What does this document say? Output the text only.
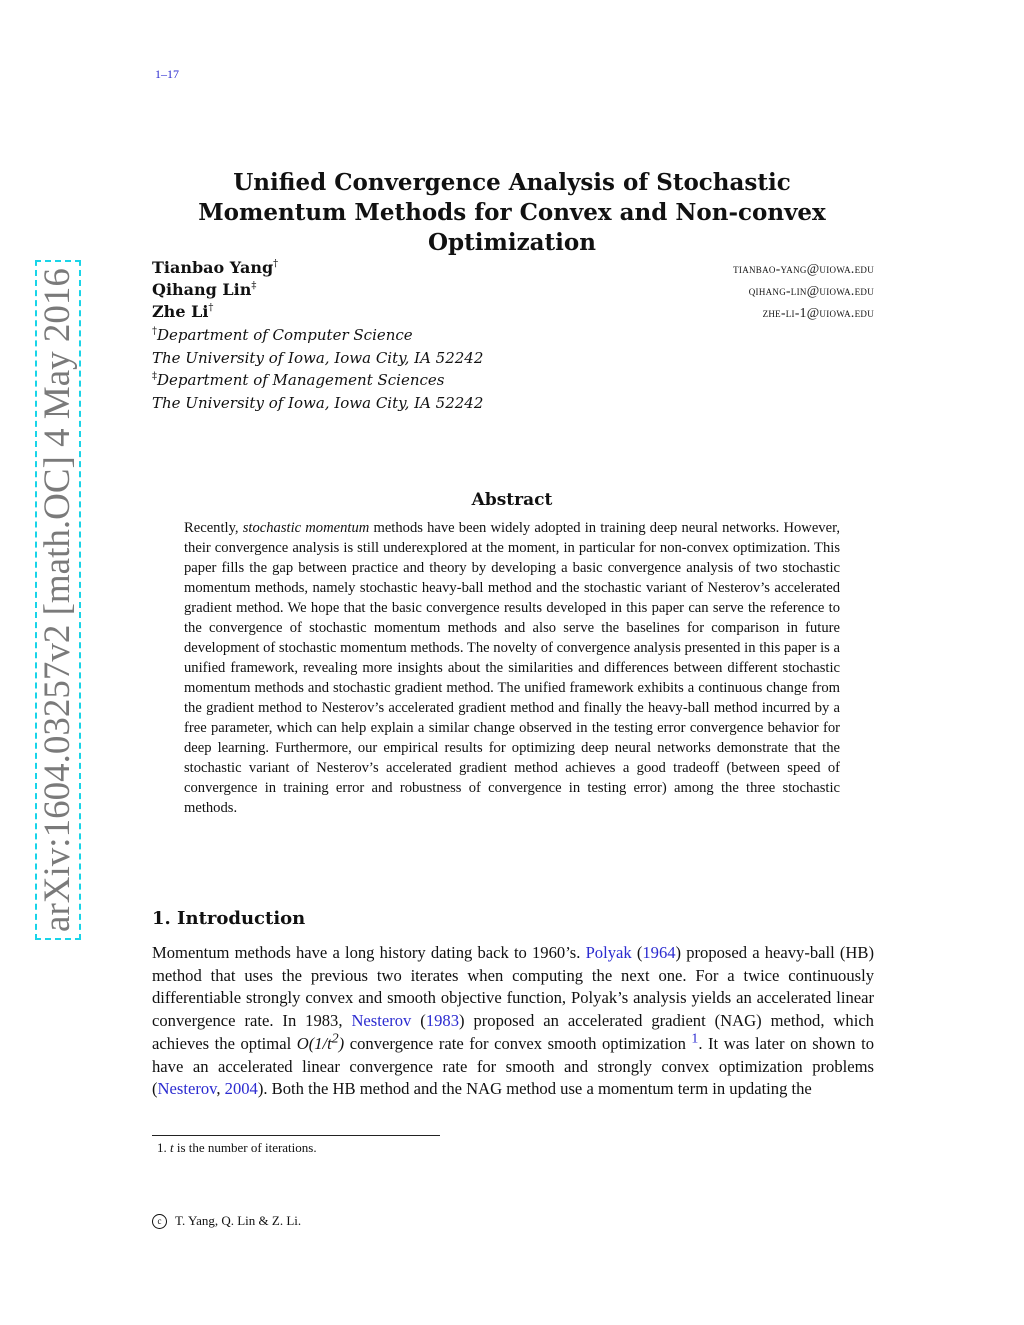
1–17
arXiv:1604.03257v2 [math.OC] 4 May 2016
Unified Convergence Analysis of Stochastic Momentum Methods for Convex and Non-convex Optimization
Tianbao Yang†	tianbao-yang@uiowa.edu
Qihang Lin‡	qihang-lin@uiowa.edu
Zhe Li†	zhe-li-1@uiowa.edu
†Department of Computer Science
The University of Iowa, Iowa City, IA 52242
‡Department of Management Sciences
The University of Iowa, Iowa City, IA 52242
Abstract
Recently, stochastic momentum methods have been widely adopted in training deep neural networks. However, their convergence analysis is still underexplored at the moment, in particular for non-convex optimization. This paper fills the gap between practice and theory by developing a basic convergence analysis of two stochastic momentum methods, namely stochastic heavy-ball method and the stochastic variant of Nesterov’s accelerated gradient method. We hope that the basic convergence results developed in this paper can serve the reference to the convergence of stochastic momentum methods and also serve the baselines for comparison in future development of stochastic momentum methods. The novelty of convergence analysis presented in this paper is a unified framework, revealing more insights about the similarities and differences between different stochastic momentum methods and stochastic gradient method. The unified framework exhibits a continuous change from the gradient method to Nesterov’s accelerated gradient method and finally the heavy-ball method incurred by a free parameter, which can help explain a similar change observed in the testing error convergence behavior for deep learning. Furthermore, our empirical results for optimizing deep neural networks demonstrate that the stochastic variant of Nesterov’s accelerated gradient method achieves a good tradeoff (between speed of convergence in training error and robustness of convergence in testing error) among the three stochastic methods.
1. Introduction
Momentum methods have a long history dating back to 1960’s. Polyak (1964) proposed a heavy-ball (HB) method that uses the previous two iterates when computing the next one. For a twice continuously differentiable strongly convex and smooth objective function, Polyak’s analysis yields an accelerated linear convergence rate. In 1983, Nesterov (1983) proposed an accelerated gradient (NAG) method, which achieves the optimal $O(1/t^2)$ convergence rate for convex smooth optimization $^1$. It was later on shown to have an accelerated linear convergence rate for smooth and strongly convex optimization problems (Nesterov, 2004). Both the HB method and the NAG method use a momentum term in updating the
1. t is the number of iterations.
c T. Yang, Q. Lin & Z. Li.
